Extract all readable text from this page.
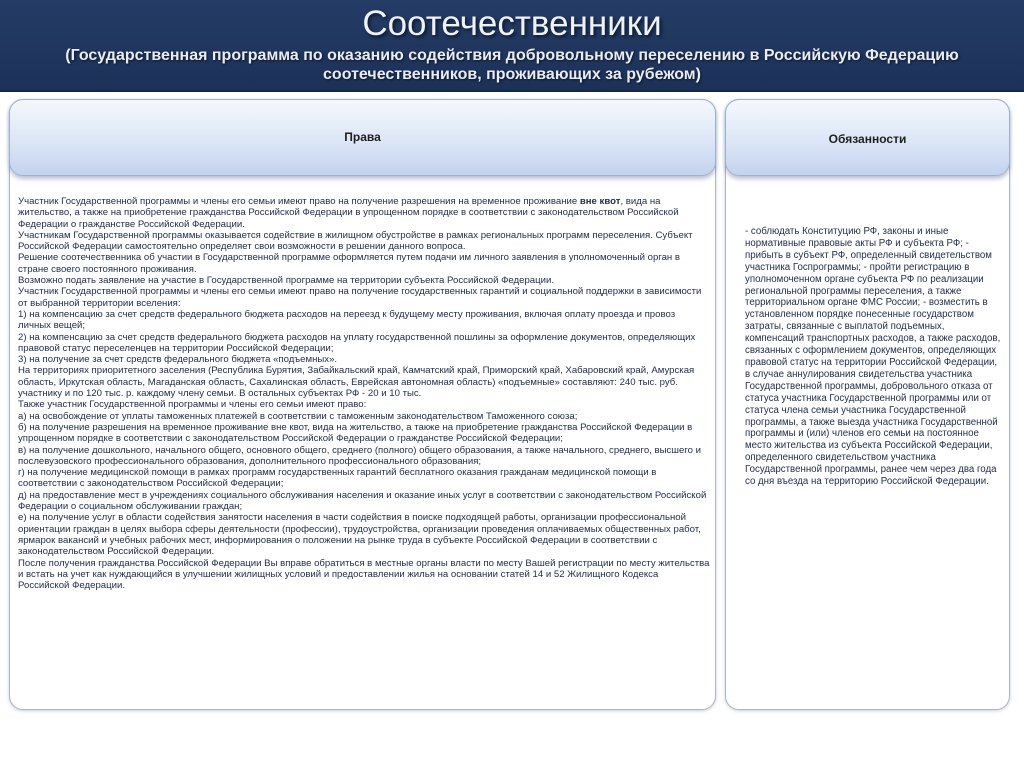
Соотечественники
(Государственная программа по оказанию содействия добровольному переселению в Российскую Федерацию соотечественников, проживающих за рубежом)
Права

Участник Государственной программы и члены его семьи имеют право на получение разрешения на временное проживание вне квот, вида на жительство, а также на приобретение гражданства Российской Федерации в упрощенном порядке в соответствии с законодательством Российской Федерации о гражданстве Российской Федерации.

Участникам Государственной программы оказывается содействие в жилищном обустройстве в рамках региональных программ переселения. Субъект Российской Федерации самостоятельно определяет свои возможности в решении данного вопроса.

Решение соотечественника об участии в Государственной программе оформляется путем подачи им личного заявления в уполномоченный орган в стране своего постоянного проживания.

Возможно подать заявление на участие в Государственной программе на территории субъекта Российской Федерации.

Участник Государственной программы и члены его семьи имеют право на получение государственных гарантий и социальной поддержки в зависимости от выбранной территории вселения:

1) на компенсацию за счет средств федерального бюджета расходов на переезд к будущему месту проживания, включая оплату проезда и провоз личных вещей;

2) на компенсацию за счет средств федерального бюджета расходов на уплату государственной пошлины за оформление документов, определяющих правовой статус переселенцев на территории Российской Федерации;

3) на получение за счет средств федерального бюджета «подъемных».

На территориях приоритетного заселения (Республика Бурятия, Забайкальский край, Камчатский край, Приморский край, Хабаровский край, Амурская область, Иркутская область, Магаданская область, Сахалинская область, Еврейская автономная область) «подъемные» составляют: 240 тыс. руб. участнику и по 120 тыс. р. каждому члену семьи. В остальных субъектах РФ - 20 и 10 тыс.

Также участник Государственной программы и члены его семьи имеют право:

а) на освобождение от уплаты таможенных платежей в соответствии с таможенным законодательством Таможенного союза;

б) на получение разрешения на временное проживание вне квот, вида на жительство, а также на приобретение гражданства Российской Федерации в упрощенном порядке в соответствии с законодательством Российской Федерации о гражданстве Российской Федерации;

в) на получение дошкольного, начального общего, основного общего, среднего (полного) общего образования, а также начального, среднего, высшего и послевузовского профессионального образования, дополнительного профессионального образования;

г) на получение медицинской помощи в рамках программ государственных гарантий бесплатного оказания гражданам медицинской помощи в соответствии с законодательством Российской Федерации;

д) на предоставление мест в учреждениях социального обслуживания населения и оказание иных услуг в соответствии с законодательством Российской Федерации о социальном обслуживании граждан;

е) на получение услуг в области содействия занятости населения в части содействия в поиске подходящей работы, организации профессиональной ориентации граждан в целях выбора сферы деятельности (профессии), трудоустройства, организации проведения оплачиваемых общественных работ, ярмарок вакансий и учебных рабочих мест, информирования о положении на рынке труда в субъекте Российской Федерации в соответствии с законодательством Российской Федерации.

После получения гражданства Российской Федерации Вы вправе обратиться в местные органы власти по месту Вашей регистрации по месту жительства и встать на учет как нуждающийся в улучшении жилищных условий и предоставлении жилья на основании статей 14 и 52 Жилищного Кодекса Российской Федерации.

Обязанности
- соблюдать Конституцию РФ, законы и иные нормативные правовые акты РФ и субъекта РФ; - прибыть в субъект РФ, определенный свидетельством участника Госпрограммы; - пройти регистрацию в уполномоченном органе субъекта РФ по реализации региональной программы переселения, а также территориальном органе ФМС России; - возместить в установленном порядке понесенные государством затраты, связанные с выплатой подъемных, компенсаций транспортных расходов, а также расходов, связанных с оформлением документов, определяющих правовой статус на территории Российской Федерации, в случае аннулирования свидетельства участника Государственной программы, добровольного отказа от статуса участника Государственной программы или от статуса члена семьи участника Государственной программы, а также выезда участника Государственной программы и (или) членов его семьи на постоянное место жительства из субъекта Российской Федерации, определенного свидетельством участника Государственной программы, ранее чем через два года со дня въезда на территорию Российской Федерации.
